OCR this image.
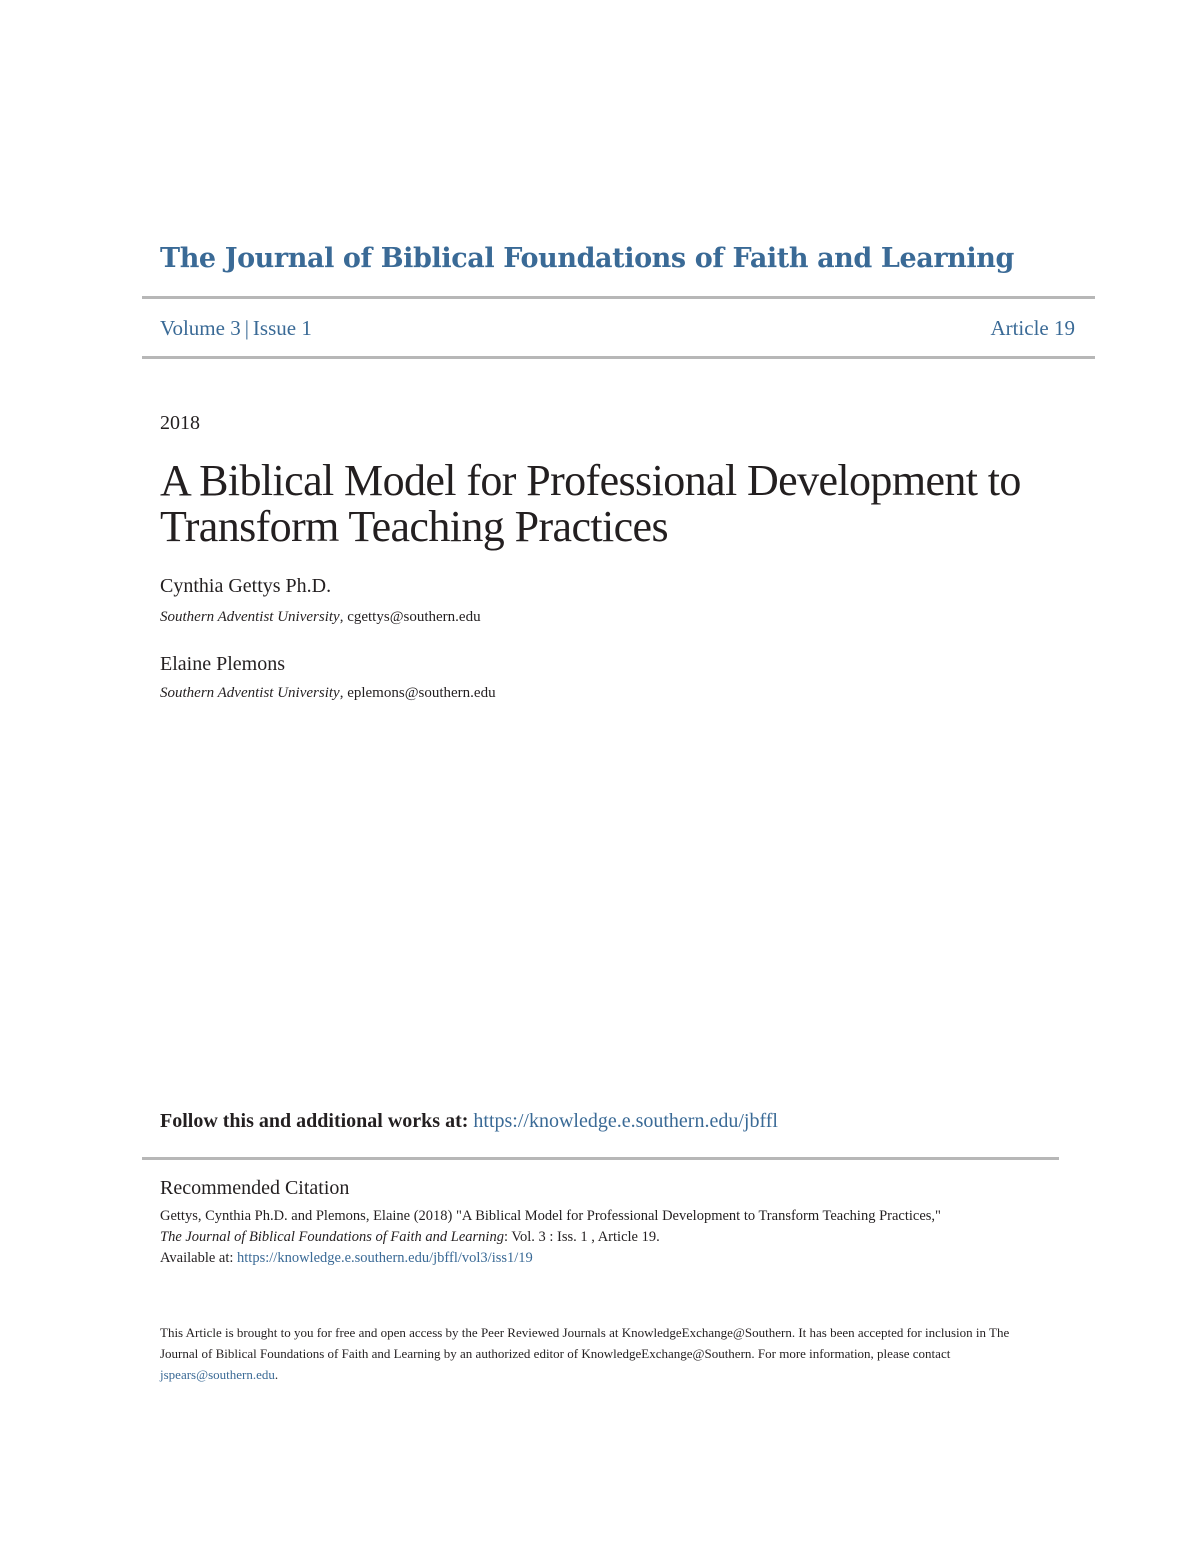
The Journal of Biblical Foundations of Faith and Learning
Volume 3 | Issue 1	Article 19
2018
A Biblical Model for Professional Development to Transform Teaching Practices
Cynthia Gettys Ph.D.
Southern Adventist University, cgettys@southern.edu
Elaine Plemons
Southern Adventist University, eplemons@southern.edu
Follow this and additional works at: https://knowledge.e.southern.edu/jbffl
Recommended Citation
Gettys, Cynthia Ph.D. and Plemons, Elaine (2018) "A Biblical Model for Professional Development to Transform Teaching Practices,"
The Journal of Biblical Foundations of Faith and Learning: Vol. 3 : Iss. 1 , Article 19.
Available at: https://knowledge.e.southern.edu/jbffl/vol3/iss1/19
This Article is brought to you for free and open access by the Peer Reviewed Journals at KnowledgeExchange@Southern. It has been accepted for inclusion in The Journal of Biblical Foundations of Faith and Learning by an authorized editor of KnowledgeExchange@Southern. For more information, please contact jspears@southern.edu.
